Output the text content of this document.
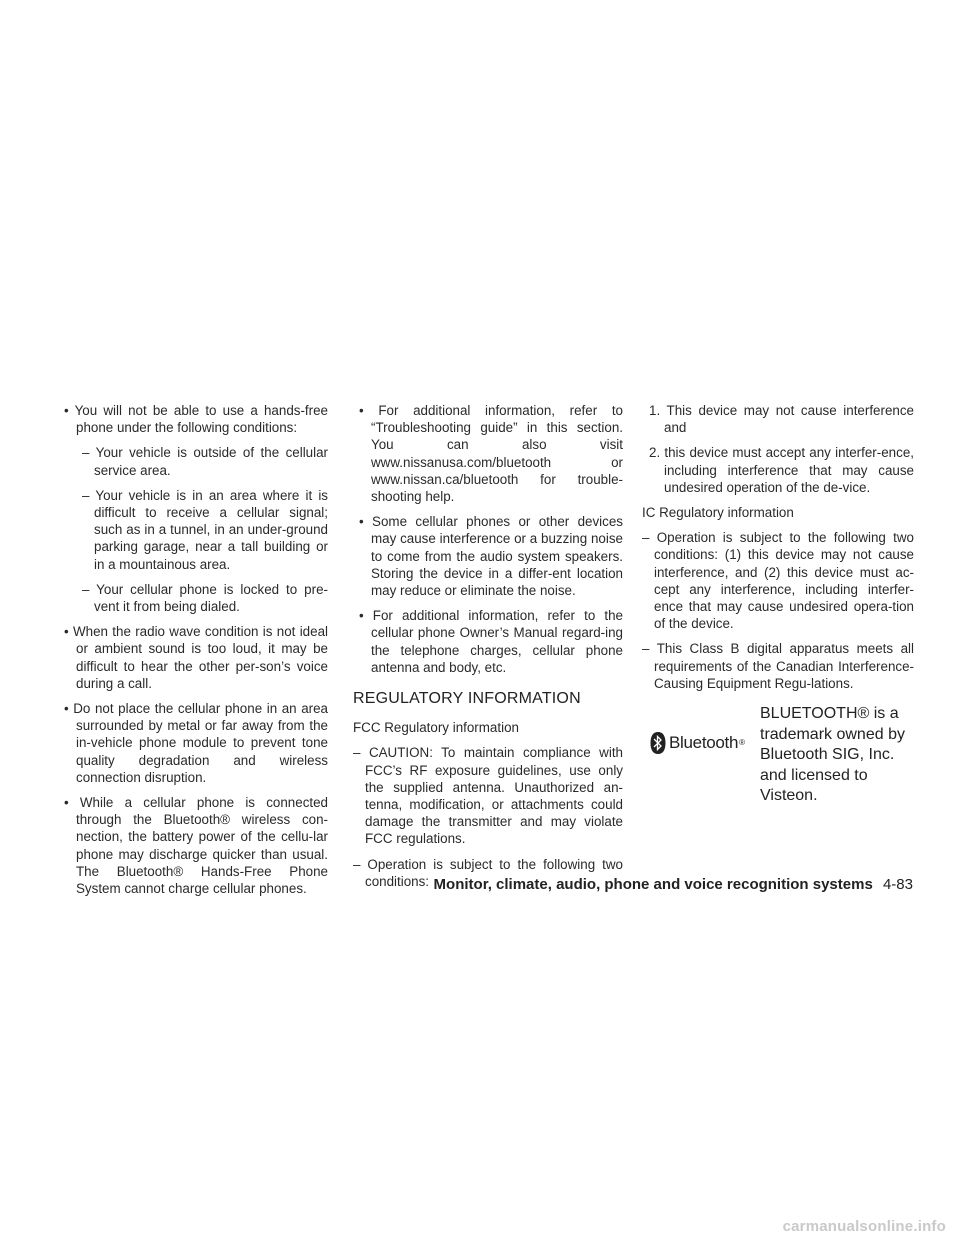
• You will not be able to use a hands-free phone under the following conditions:

– Your vehicle is outside of the cellular service area.

– Your vehicle is in an area where it is difficult to receive a cellular signal; such as in a tunnel, in an under-ground parking garage, near a tall building or in a mountainous area.

– Your cellular phone is locked to pre-vent it from being dialed.

• When the radio wave condition is not ideal or ambient sound is too loud, it may be difficult to hear the other per-son’s voice during a call.

• Do not place the cellular phone in an area surrounded by metal or far away from the in-vehicle phone module to prevent tone quality degradation and wireless connection disruption.

• While a cellular phone is connected through the Bluetooth® wireless con-nection, the battery power of the cellu-lar phone may discharge quicker than usual. The Bluetooth® Hands-Free Phone System cannot charge cellular phones.

• For additional information, refer to “Troubleshooting guide” in this section. You can also visit www.nissanusa.com/bluetooth or www.nissan.ca/bluetooth for trouble-shooting help.

• Some cellular phones or other devices may cause interference or a buzzing noise to come from the audio system speakers. Storing the device in a differ-ent location may reduce or eliminate the noise.

• For additional information, refer to the cellular phone Owner’s Manual regard-ing the telephone charges, cellular phone antenna and body, etc.

REGULATORY INFORMATION

FCC Regulatory information

– CAUTION: To maintain compliance with FCC’s RF exposure guidelines, use only the supplied antenna. Unauthorized an-tenna, modification, or attachments could damage the transmitter and may violate FCC regulations.

– Operation is subject to the following two conditions:

1. This device may not cause interference and

2. this device must accept any interfer-ence, including interference that may cause undesired operation of the de-vice.

IC Regulatory information

– Operation is subject to the following two conditions: (1) this device may not cause interference, and (2) this device must ac-cept any interference, including interfer-ence that may cause undesired opera-tion of the device.

– This Class B digital apparatus meets all requirements of the Canadian Interference-Causing Equipment Regu-lations.

Bluetooth ®
BLUETOOTH® is a trademark owned by Bluetooth SIG, Inc. and licensed to Visteon.
Monitor, climate, audio, phone and voice recognition systems 4-83
carmanualsonline.info
